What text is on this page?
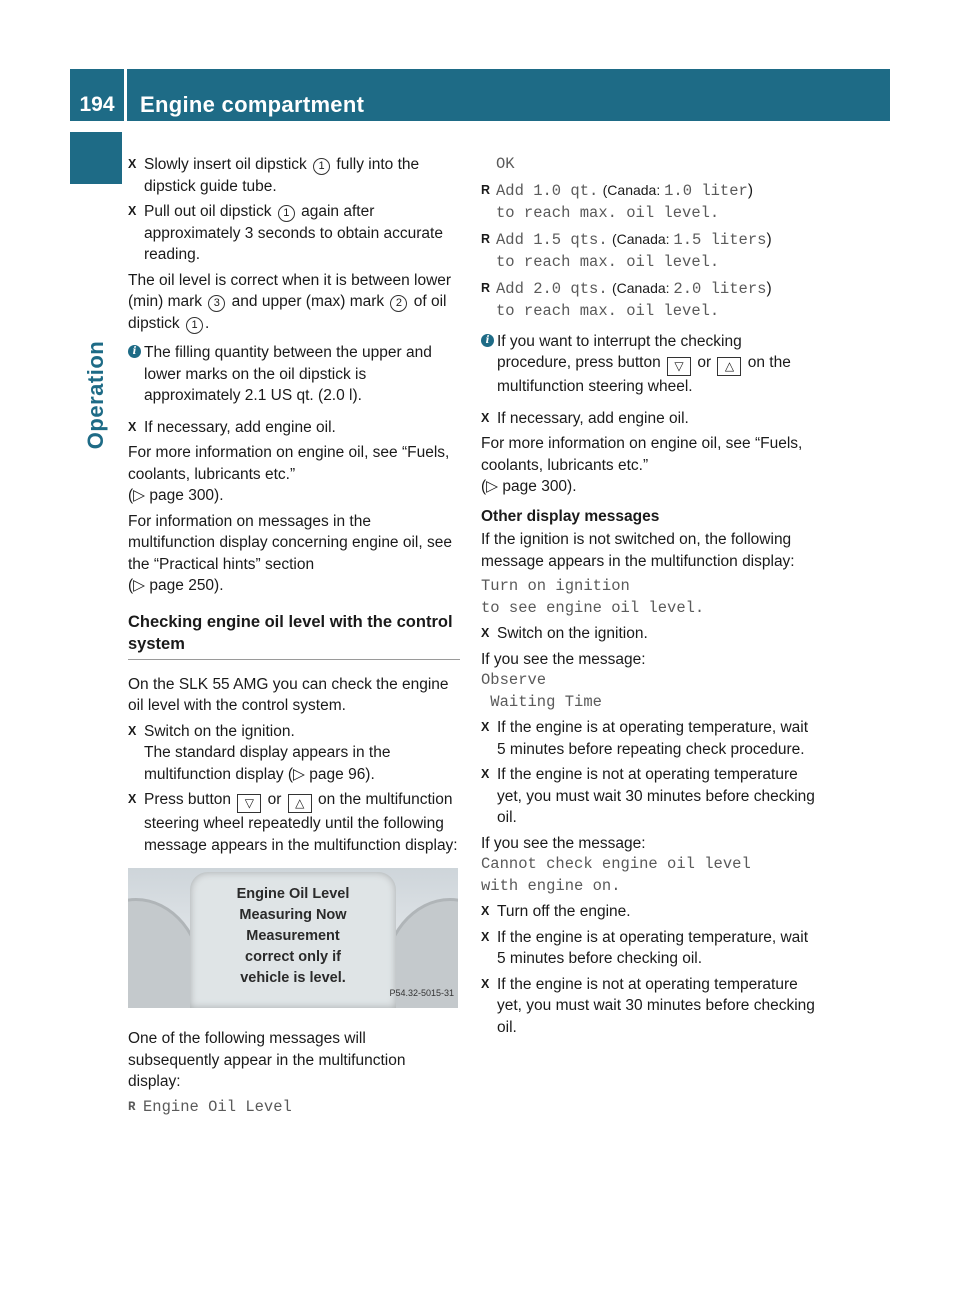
194	Engine compartment
Operation
X Slowly insert oil dipstick 1 fully into the dipstick guide tube.
X Pull out oil dipstick 1 again after approximately 3 seconds to obtain accurate reading.
The oil level is correct when it is between lower (min) mark 3 and upper (max) mark 2 of oil dipstick 1 .
i The filling quantity between the upper and lower marks on the oil dipstick is approximately 2.1 US qt. (2.0 l).
X If necessary, add engine oil.
For more information on engine oil, see “Fuels, coolants, lubricants etc.”
(▷ page 300).
For information on messages in the multifunction display concerning engine oil, see the “Practical hints” section
(▷ page 250).
Checking engine oil level with the control system
On the SLK 55 AMG you can check the engine oil level with the control system.
X Switch on the ignition.
The standard display appears in the multifunction display (▷ page 96).
X Press button ▽ or △ on the multifunction steering wheel repeatedly until the following message appears in the multifunction display:
Engine Oil Level
Measuring Now
Measurement
correct only if
vehicle is level.
P54.32-5015-31
One of the following messages will subsequently appear in the multifunction display:
R Engine Oil Level
OK
R Add 1.0 qt. (Canada: 1.0 liter)
to reach max. oil level.
R Add 1.5 qts. (Canada: 1.5 liters)
to reach max. oil level.
R Add 2.0 qts. (Canada: 2.0 liters)
to reach max. oil level.
i If you want to interrupt the checking procedure, press button ▽ or △ on the multifunction steering wheel.
X If necessary, add engine oil.
For more information on engine oil, see “Fuels, coolants, lubricants etc.”
(▷ page 300).
Other display messages
If the ignition is not switched on, the following message appears in the multifunction display:
Turn on ignition
to see engine oil level.
X Switch on the ignition.
If you see the message:
Observe
Waiting Time
X If the engine is at operating temperature, wait 5 minutes before repeating check procedure.
X If the engine is not at operating temperature yet, you must wait 30 minutes before checking oil.
If you see the message:
Cannot check engine oil level
with engine on.
X Turn off the engine.
X If the engine is at operating temperature, wait 5 minutes before checking oil.
X If the engine is not at operating temperature yet, you must wait 30 minutes before checking oil.
